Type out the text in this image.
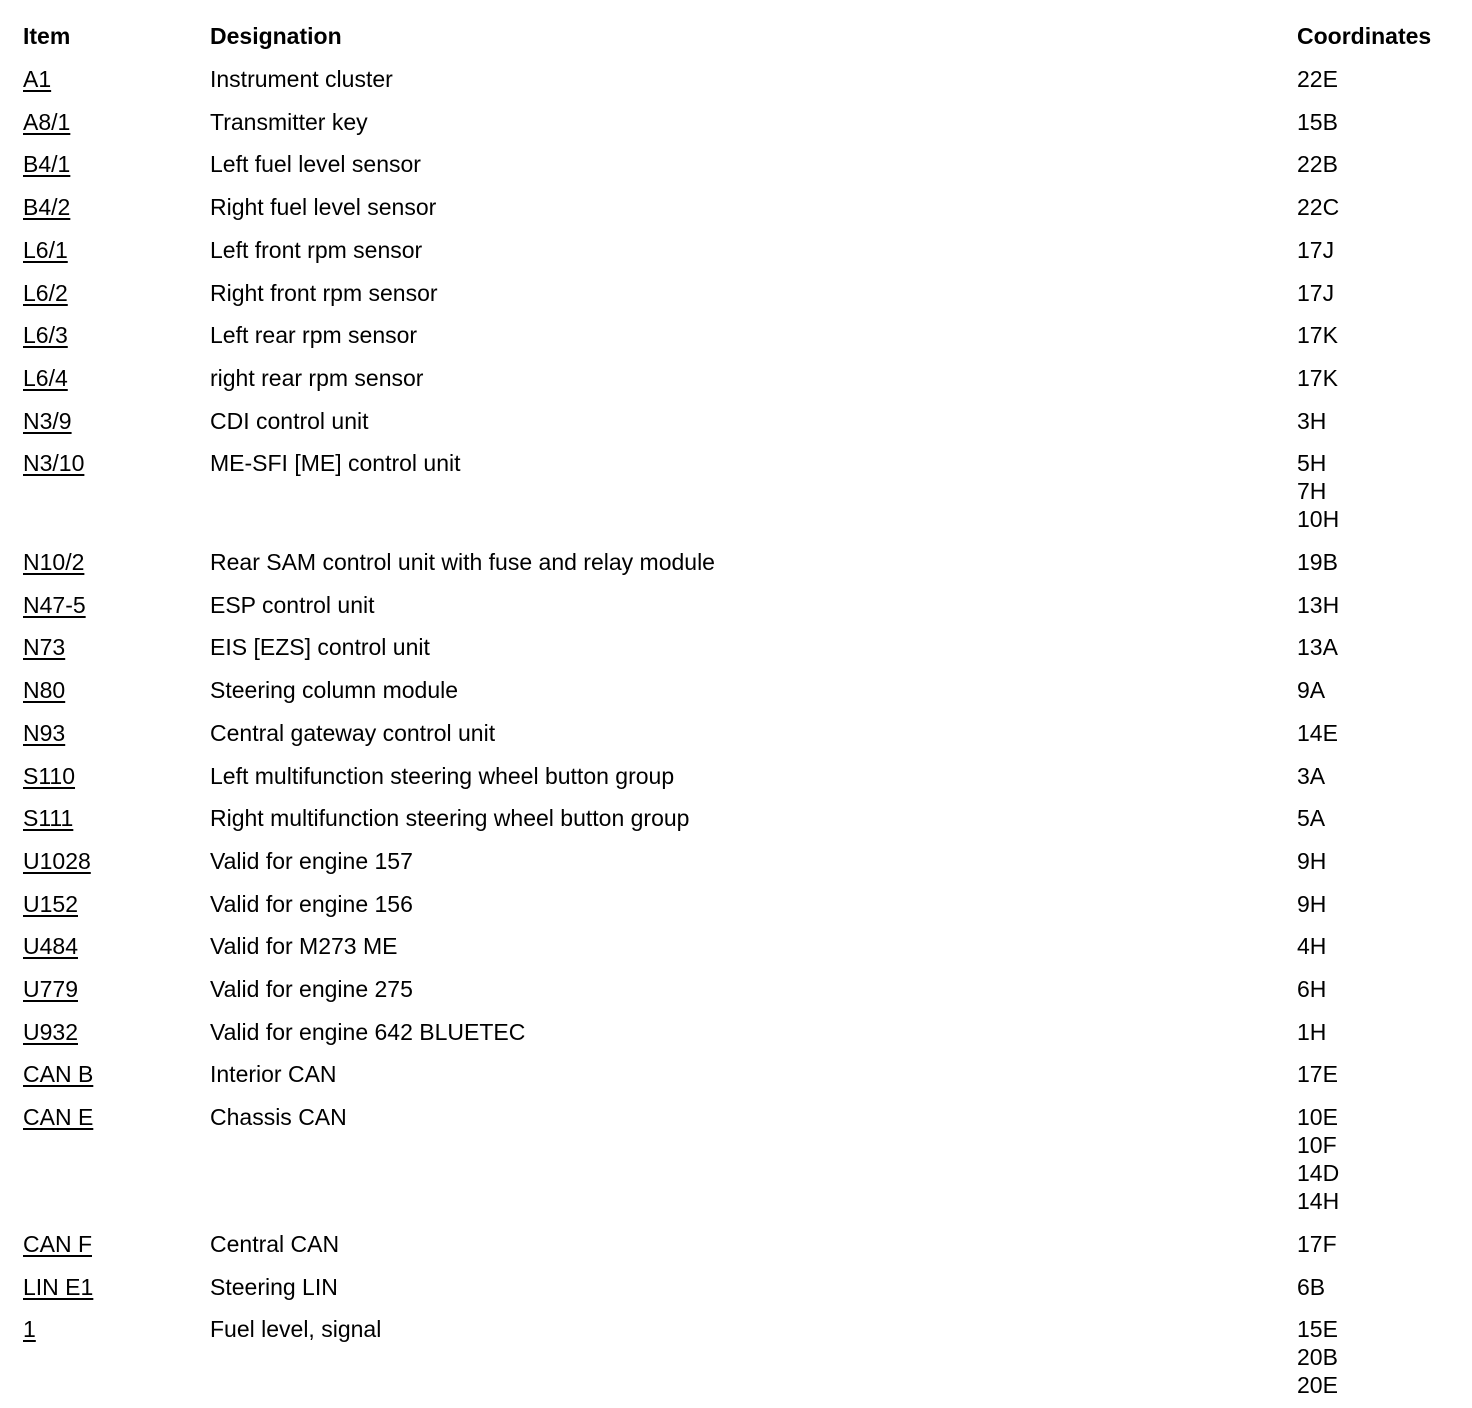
Item	Designation	Coordinates
A1	Instrument cluster	22E
A8/1	Transmitter key	15B
B4/1	Left fuel level sensor	22B
B4/2	Right fuel level sensor	22C
L6/1	Left front rpm sensor	17J
L6/2	Right front rpm sensor	17J
L6/3	Left rear rpm sensor	17K
L6/4	right rear rpm sensor	17K
N3/9	CDI control unit	3H
N3/10	ME-SFI [ME] control unit	5H
7H
10H
N10/2	Rear SAM control unit with fuse and relay module	19B
N47-5	ESP control unit	13H
N73	EIS [EZS] control unit	13A
N80	Steering column module	9A
N93	Central gateway control unit	14E
S110	Left multifunction steering wheel button group	3A
S111	Right multifunction steering wheel button group	5A
U1028	Valid for engine 157	9H
U152	Valid for engine 156	9H
U484	Valid for M273 ME	4H
U779	Valid for engine 275	6H
U932	Valid for engine 642 BLUETEC	1H
CAN B	Interior CAN	17E
CAN E	Chassis CAN	10E
10F
14D
14H
CAN F	Central CAN	17F
LIN E1	Steering LIN	6B
1	Fuel level, signal	15E
20B
20E
